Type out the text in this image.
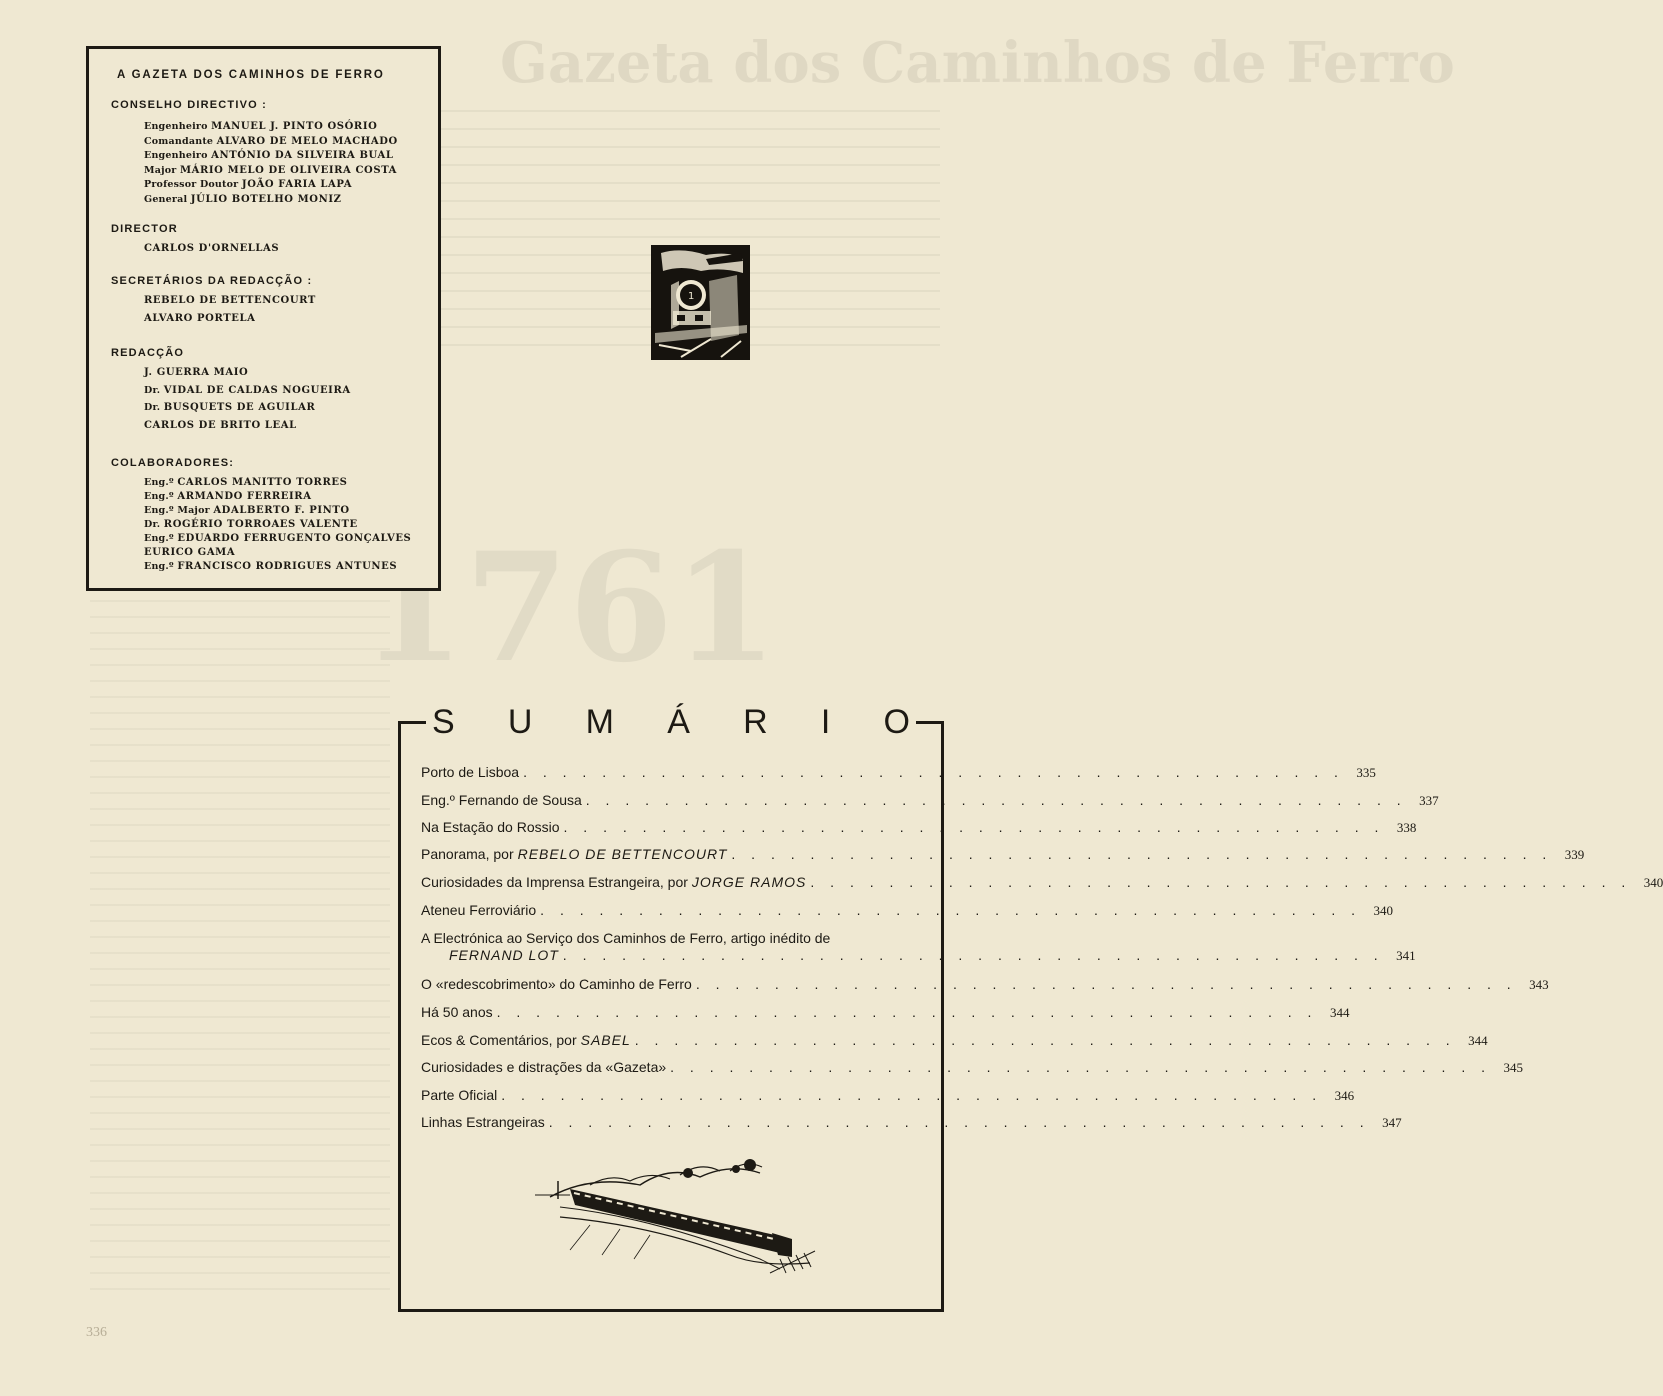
Gazeta dos Caminhos de Ferro
1761
A GAZETA DOS CAMINHOS DE FERRO
CONSELHO DIRECTIVO :
Engenheiro MANUEL J. PINTO OSÓRIO
Comandante ALVARO DE MELO MACHADO
Engenheiro ANTÓNIO DA SILVEIRA BUAL
Major MÁRIO MELO DE OLIVEIRA COSTA
Professor Doutor JOÃO FARIA LAPA
General JÚLIO BOTELHO MONIZ
DIRECTOR
CARLOS D'ORNELLAS
SECRETÁRIOS DA REDACÇÃO :
REBELO DE BETTENCOURT
ALVARO PORTELA
REDACÇÃO
J. GUERRA MAIO
Dr. VIDAL DE CALDAS NOGUEIRA
Dr. BUSQUETS DE AGUILAR
CARLOS DE BRITO LEAL
COLABORADORES:
Eng.º CARLOS MANITTO TORRES
Eng.º ARMANDO FERREIRA
Eng.º Major ADALBERTO F. PINTO
Dr. ROGÉRIO TORROAES VALENTE
Eng.º EDUARDO FERRUGENTO GONÇALVES
EURICO GAMA
Eng.º FRANCISCO RODRIGUES ANTUNES
1
S U M Á R I O
Porto de Lisboa . . . . . . . . . . . . . . . . . . . . . . . . . . . . . . . . . . . . . . . . . . 335
Eng.º Fernando de Sousa . . . . . . . . . . . . . . . . . . . . . . . . . . . . . . . . . . . . . . . . . . 337
Na Estação do Rossio . . . . . . . . . . . . . . . . . . . . . . . . . . . . . . . . . . . . . . . . . . 338
Panorama, por REBELO DE BETTENCOURT . . . . . . . . . . . . . . . . . . . . . . . . . . . . . . . . . . . . . . . . . . 339
Curiosidades da Imprensa Estrangeira, por JORGE RAMOS . . . . . . . . . . . . . . . . . . . . . . . . . . . . . . . . . . . . . . . . . . 340
Ateneu Ferroviário . . . . . . . . . . . . . . . . . . . . . . . . . . . . . . . . . . . . . . . . . . 340
A Electrónica ao Serviço dos Caminhos de Ferro, artigo inédito de
FERNAND LOT . . . . . . . . . . . . . . . . . . . . . . . . . . . . . . . . . . . . . . . . . . 341
O «redescobrimento» do Caminho de Ferro . . . . . . . . . . . . . . . . . . . . . . . . . . . . . . . . . . . . . . . . . . 343
Há 50 anos . . . . . . . . . . . . . . . . . . . . . . . . . . . . . . . . . . . . . . . . . . 344
Ecos & Comentários, por SABEL . . . . . . . . . . . . . . . . . . . . . . . . . . . . . . . . . . . . . . . . . . 344
Curiosidades e distrações da «Gazeta» . . . . . . . . . . . . . . . . . . . . . . . . . . . . . . . . . . . . . . . . . . 345
Parte Oficial . . . . . . . . . . . . . . . . . . . . . . . . . . . . . . . . . . . . . . . . . . 346
Linhas Estrangeiras . . . . . . . . . . . . . . . . . . . . . . . . . . . . . . . . . . . . . . . . . . 347
336
